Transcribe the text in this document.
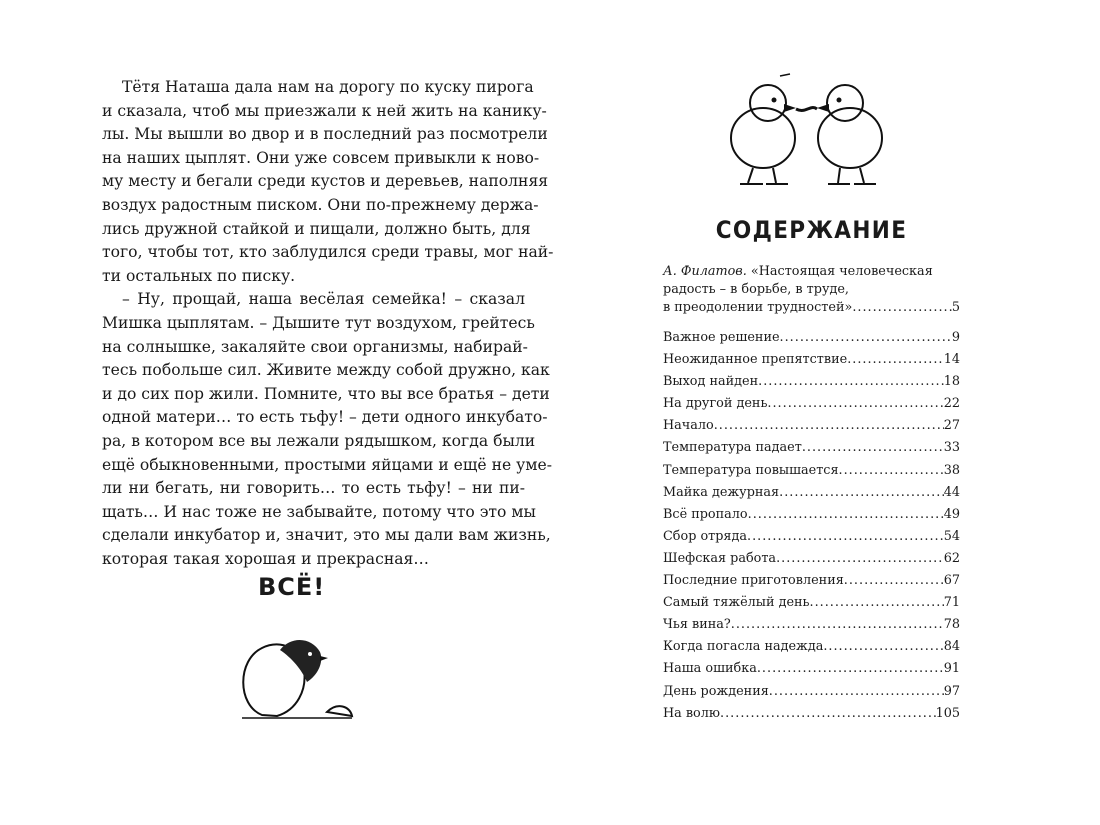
Тётя Наташа дала нам на дорогу по куску пирога
и сказала, чтоб мы приезжали к ней жить на канику-
лы. Мы вышли во двор и в последний раз посмотрели
на наших цыплят. Они уже совсем привыкли к ново-
му месту и бегали среди кустов и деревьев, наполняя
воздух радостным писком. Они по-прежнему держа-
лись дружной стайкой и пищали, должно быть, для
того, чтобы тот, кто заблудился среди травы, мог най-
ти остальных по писку.
– Ну, прощай, наша весёлая семейка! – сказал
Мишка цыплятам. – Дышите тут воздухом, грейтесь
на солнышке, закаляйте свои организмы, набирай-
тесь побольше сил. Живите между собой дружно, как
и до сих пор жили. Помните, что вы все братья – дети
одной матери… то есть тьфу! – дети одного инкубато-
ра, в котором все вы лежали рядышком, когда были
ещё обыкновенными, простыми яйцами и ещё не уме-
ли ни бегать, ни говорить… то есть тьфу! – ни пи-
щать… И нас тоже не забывайте, потому что это мы
сделали инкубатор и, значит, это мы дали вам жизнь,
которая такая хорошая и прекрасная…
ВСЁ!
СОДЕРЖАНИЕ
А. Филатов. «Настоящая человеческая
радость – в борьбе, в труде,
в преодолении трудностей» .....	5
Важное решение .....	9
Неожиданное препятствие .....	14
Выход найден .....	18
На другой день .....	22
Начало .....	27
Температура падает .....	33
Температура повышается .....	38
Майка дежурная .....	44
Всё пропало .....	49
Сбор отряда .....	54
Шефская работа .....	62
Последние приготовления .....	67
Самый тяжёлый день .....	71
Чья вина? .....	78
Когда погасла надежда .....	84
Наша ошибка .....	91
День рождения .....	97
На волю .....	105
